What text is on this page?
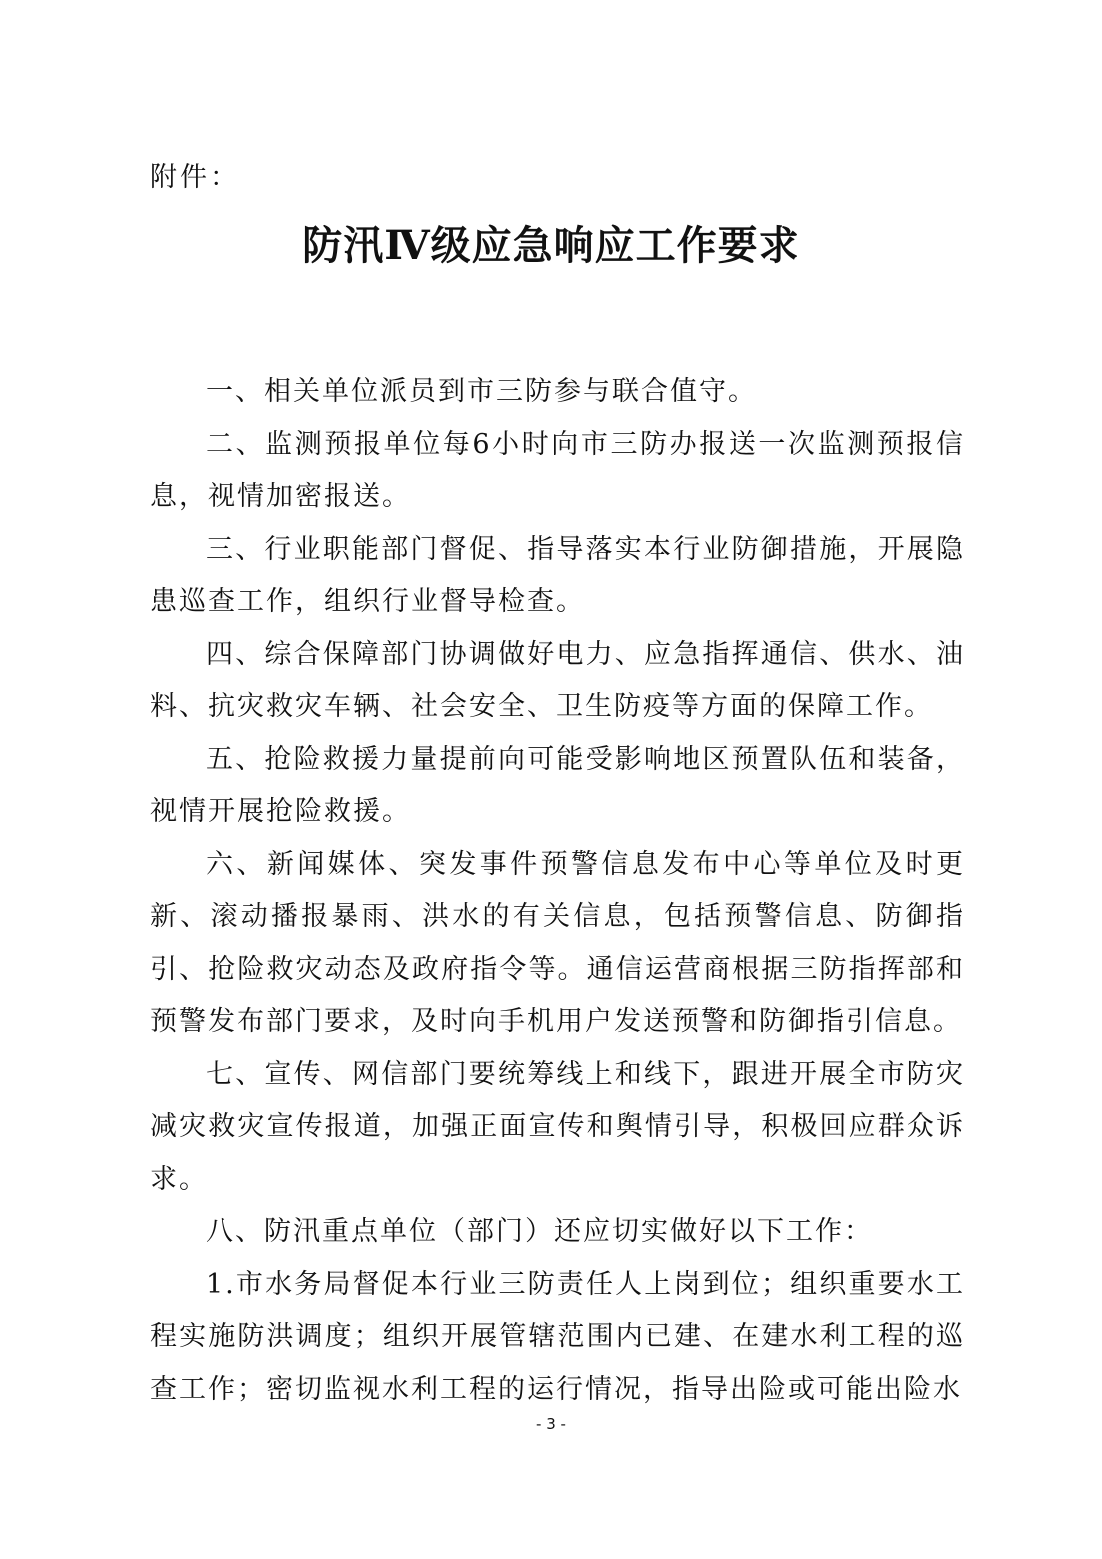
附件：
防汛Ⅳ级应急响应工作要求

一、相关单位派员到市三防参与联合值守。

二、监测预报单位每6小时向市三防办报送一次监测预报信息，视情加密报送。

三、行业职能部门督促、指导落实本行业防御措施，开展隐患巡查工作，组织行业督导检查。

四、综合保障部门协调做好电力、应急指挥通信、供水、油料、抗灾救灾车辆、社会安全、卫生防疫等方面的保障工作。

五、抢险救援力量提前向可能受影响地区预置队伍和装备，视情开展抢险救援。

六、新闻媒体、突发事件预警信息发布中心等单位及时更新、滚动播报暴雨、洪水的有关信息，包括预警信息、防御指引、抢险救灾动态及政府指令等。通信运营商根据三防指挥部和预警发布部门要求，及时向手机用户发送预警和防御指引信息。

七、宣传、网信部门要统筹线上和线下，跟进开展全市防灾减灾救灾宣传报道，加强正面宣传和舆情引导，积极回应群众诉求。

八、防汛重点单位（部门）还应切实做好以下工作：

1.市水务局督促本行业三防责任人上岗到位；组织重要水工程实施防洪调度；组织开展管辖范围内已建、在建水利工程的巡查工作；密切监视水利工程的运行情况，指导出险或可能出险水

- 3 -
